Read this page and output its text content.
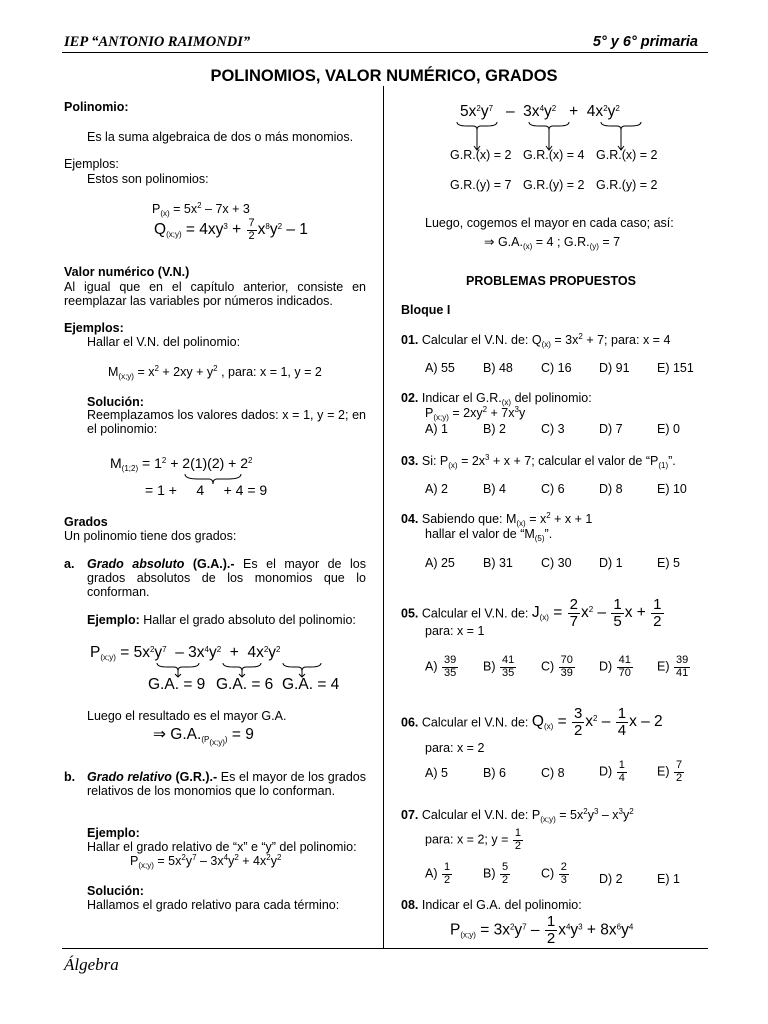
IEP “ANTONIO RAIMONDI”	5° y 6° primaria
POLINOMIOS, VALOR NUMÉRICO, GRADOS
Polinomio:
Es la suma algebraica de dos o más monomios.
Ejemplos:
Estos son polinomios:
$P_{(x)} = 5x^2 - 7x + 3$
$Q_{(x;y)} = 4xy^3 + \frac{7}{2} x^8y^2 - 1$
Valor numérico (V.N.)
Al igual que en el capítulo anterior, consiste en reemplazar las variables por números indicados.
Ejemplos:
Hallar el V.N. del polinomio:
$M_{(x;y)} = x^2 + 2xy + y^2$ , para: x = 1, y = 2
Solución:
Reemplazamos los valores dados: x = 1, y = 2; en el polinomio:
$M_{(1;2)} = 1^2 + 2(1)(2) + 2^2$
= 1 +     4     + 4 = 9
Grados
Un polinomio tiene dos grados:
a. Grado absoluto (G.A.).- Es el mayor de los grados absolutos de los monomios que lo conforman.
Ejemplo: Hallar el grado absoluto del polinomio:
$P_{(x;y)} = 5x^2y^7 - 3x^4y^2 + 4x^2y^2$
G.A. = 9 G.A. = 6 G.A. = 4
Luego el resultado es el mayor G.A.
⇒ $G.A._{(P_{(x;y)})} = 9$
b. Grado relativo (G.R.).- Es el mayor de los grados relativos de los monomios que lo conforman.
Ejemplo:
Hallar el grado relativo de “x” e “y” del polinomio:
$P_{(x;y)} = 5x^2y^7 - 3x^4y^2 + 4x^2y^2$
Solución:
Hallamos el grado relativo para cada término:
$5x^2y^7 - 3x^4y^2 + 4x^2y^2$
G.R.(x) = 2 G.R.(x) = 4 G.R.(x) = 2
G.R.(y) = 7 G.R.(y) = 2 G.R.(y) = 2
Luego, cogemos el mayor en cada caso; así:
⇒ $G.A._{(x)} = 4$ ; $G.R._{(y)} = 7$
PROBLEMAS PROPUESTOS
Bloque I
01. Calcular el V.N. de: $Q_{(x)} = 3x^2 + 7$; para: x = 4
A) 55 B) 48 C) 16 D) 91 E) 151
02. Indicar el $G.R._{(x)}$ del polinomio:
$P_{(x;y)} = 2xy^2 + 7x^3y$
A) 1	B) 2	C) 3	D) 7	E) 0
03. Si: $P_{(x)} = 2x^3 + x + 7$; calcular el valor de “$P_{(1)}$”.
A) 2	B) 4	C) 6	D) 8	E) 10
04. Sabiendo que: $M_{(x)} = x^2 + x + 1$
hallar el valor de “$M_{(5)}$”.
A) 25 B) 31 C) 30 D) 1	E) 5
05. Calcular el V.N. de: $J_{(x)} = \frac{2}{7} x^2 - \frac{1}{5}$ $x + \frac{1}{2}$
para: x = 1
$A) \frac{39}{35} B) \frac{41}{35} C) \frac{70}{39} D) \frac{41}{70} E) \frac{39}{41}$
06. Calcular el V.N. de: $Q_{(x)} = \frac{3}{2} x^2 - \frac{1}{4}$ x – 2
para: x = 2
A) 5	B) 6	C) 8	$D) \frac{1}{4} E) \frac{7}{2}$
07. Calcular el V.N. de: $P_{(x;y)} = 5x^2y^3 - x^3y^2$
para: x = 2; $y = \frac{1}{2}$
$A) \frac{1}{2} B) \frac{5}{2} C) \frac{2}{3} D$) 2	E) 1
08. Indicar el G.A. del polinomio:
$P_{(x;y)} = 3x^2y^7 - \frac{1}{2} x^4y^3 + 8x^6y^4$
Álgebra
